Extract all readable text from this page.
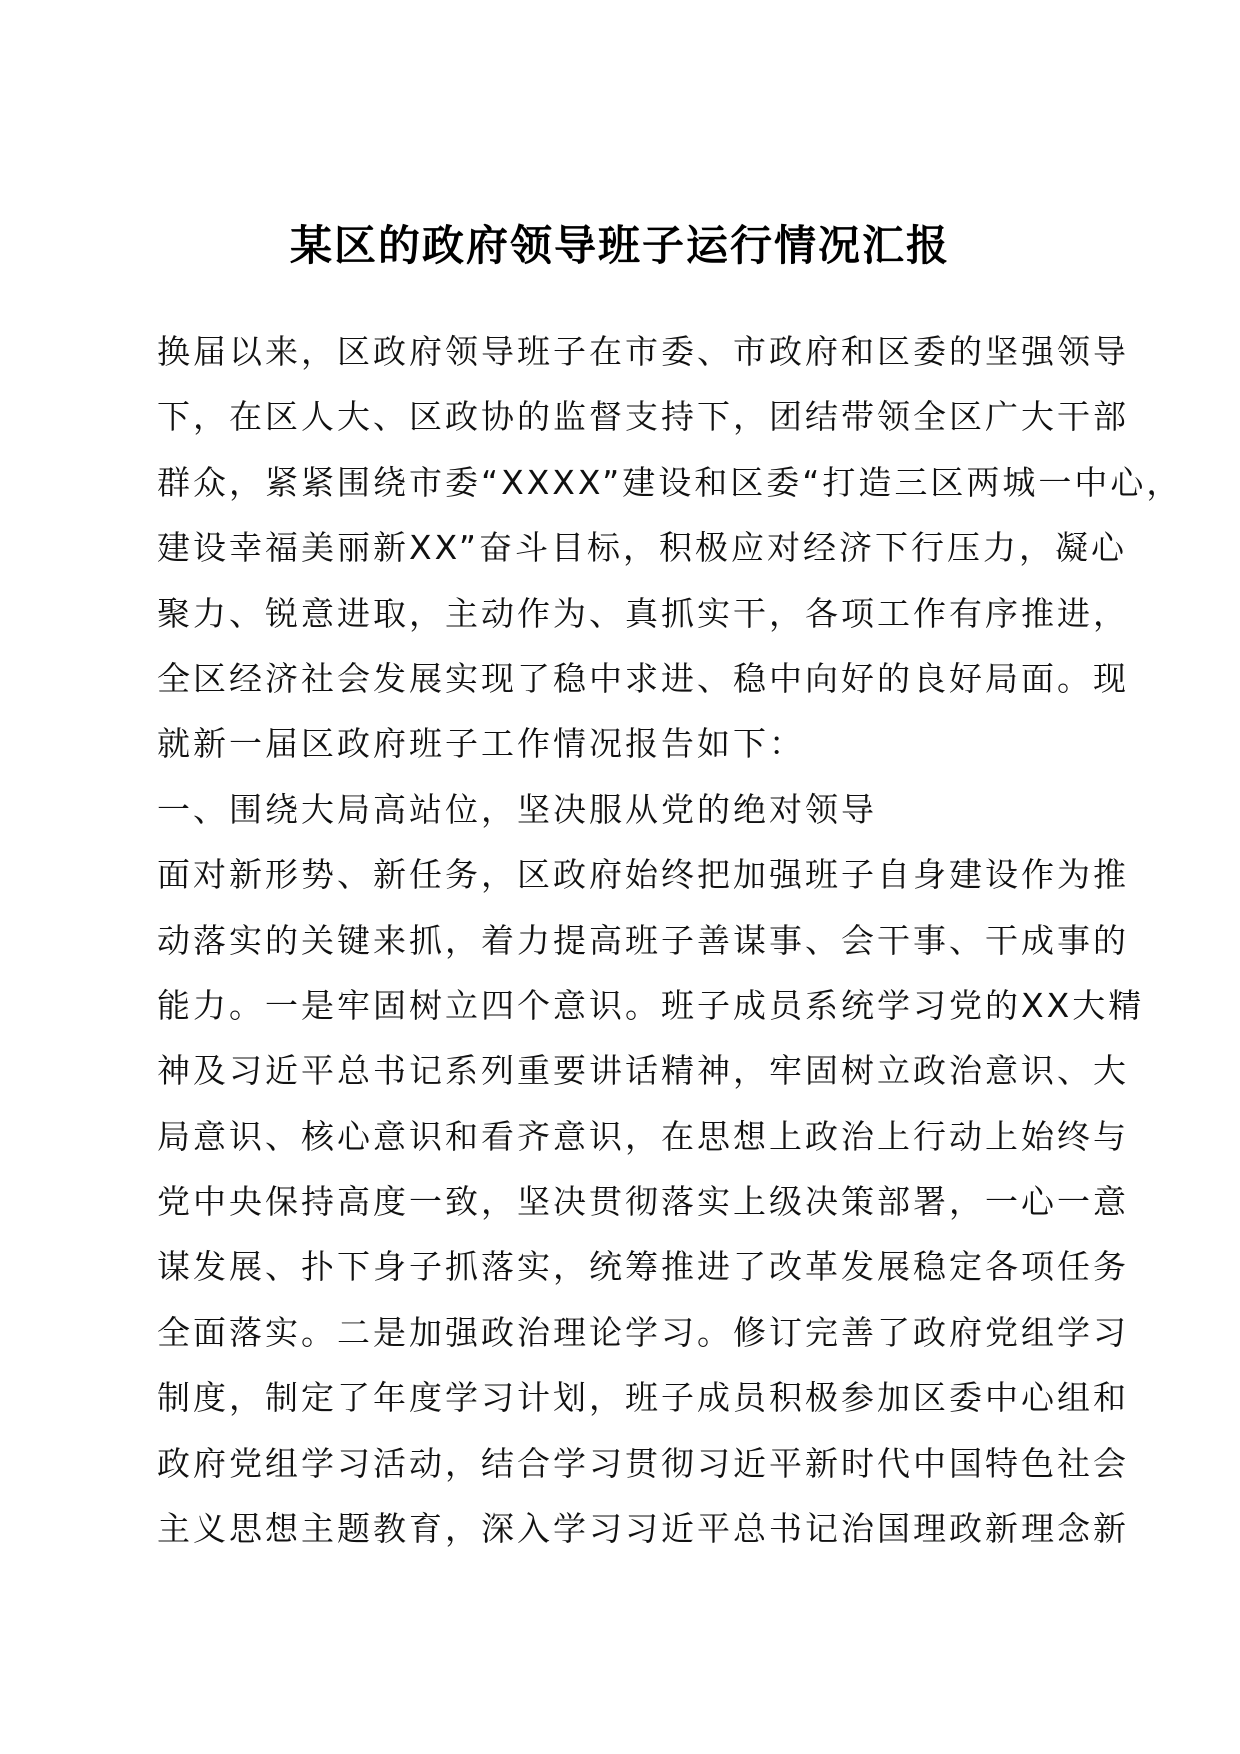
某区的政府领导班子运行情况汇报
换届以来，区政府领导班子在市委、市政府和区委的坚强领导
下，在区人大、区政协的监督支持下，团结带领全区广大干部
群众，紧紧围绕市委“XXXX”建设和区委“打造三区两城一中心，
建设幸福美丽新XX”奋斗目标，积极应对经济下行压力，凝心
聚力、锐意进取，主动作为、真抓实干，各项工作有序推进，
全区经济社会发展实现了稳中求进、稳中向好的良好局面。现
就新一届区政府班子工作情况报告如下：
一、围绕大局高站位，坚决服从党的绝对领导
面对新形势、新任务，区政府始终把加强班子自身建设作为推
动落实的关键来抓，着力提高班子善谋事、会干事、干成事的
能力。一是牢固树立四个意识。班子成员系统学习党的XX大精
神及习近平总书记系列重要讲话精神，牢固树立政治意识、大
局意识、核心意识和看齐意识，在思想上政治上行动上始终与
党中央保持高度一致，坚决贯彻落实上级决策部署，一心一意
谋发展、扑下身子抓落实，统筹推进了改革发展稳定各项任务
全面落实。二是加强政治理论学习。修订完善了政府党组学习
制度，制定了年度学习计划，班子成员积极参加区委中心组和
政府党组学习活动，结合学习贯彻习近平新时代中国特色社会
主义思想主题教育，深入学习习近平总书记治国理政新理念新
